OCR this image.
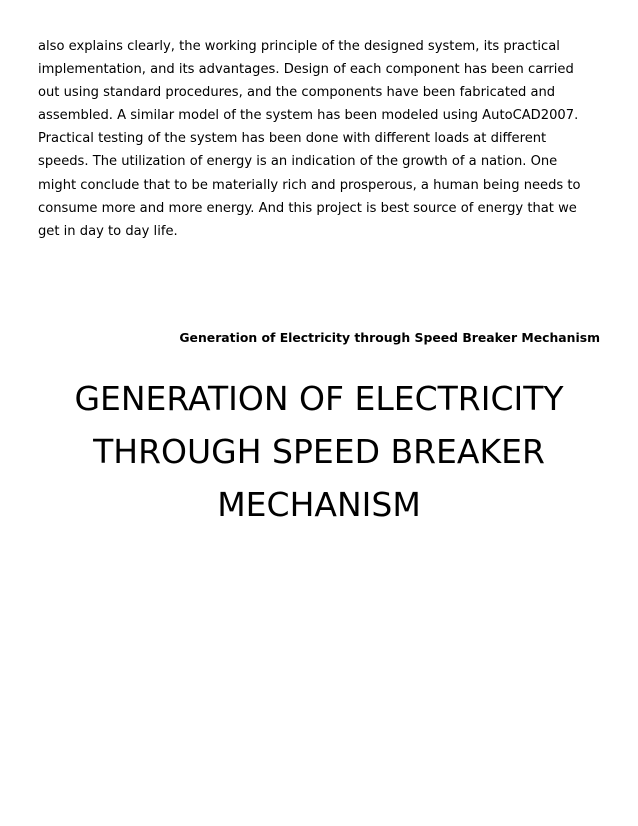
also explains clearly, the working principle of the designed system, its practical
implementation, and its advantages. Design of each component has been carried
out using standard procedures, and the components have been fabricated and
assembled. A similar model of the system has been modeled using AutoCAD2007.
Practical testing of the system has been done with different loads at different
speeds. The utilization of energy is an indication of the growth of a nation. One
might conclude that to be materially rich and prosperous, a human being needs to
consume more and more energy. And this project is best source of energy that we
get in day to day life.

Generation of Electricity through Speed Breaker Mechanism

GENERATION OF ELECTRICITY
THROUGH SPEED BREAKER
MECHANISM
